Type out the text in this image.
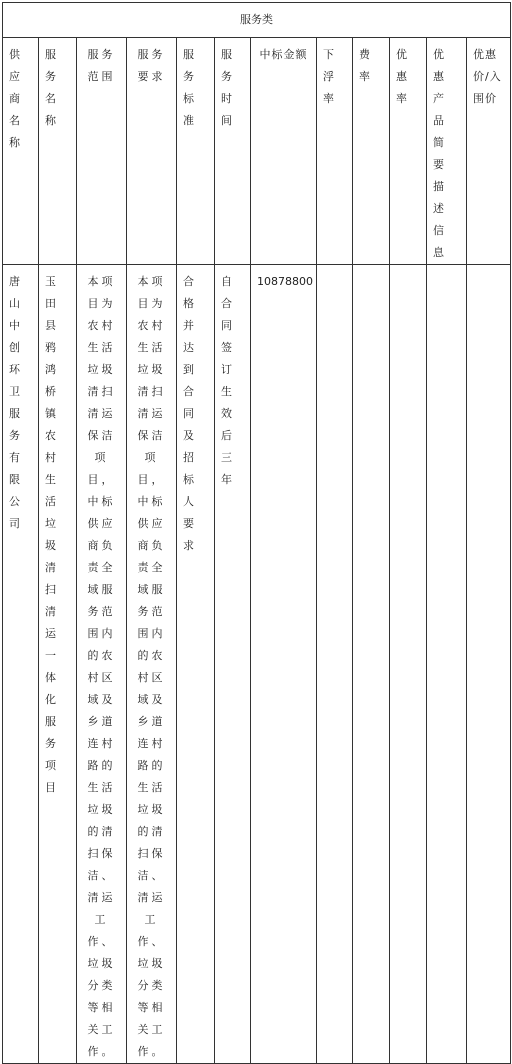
服务类											

供应商名称	服务名称	服务范围	服务要求	服务标准	服务时间	中标金额	下浮率	费率	优惠率	优惠产品简要描述信息	优惠价/入围价

唐山中创环卫服务有限公司	玉田县鸦鸿桥镇农村生活垃圾清扫清运一体化服务项目	本项目为农村生活垃圾清扫清运保洁项目，中标供应商负责全域服务范围内的农村区域及乡道连村路的生活垃圾的清扫保洁、清运工作、垃圾分类等相关工作。	本项目为农村生活垃圾清扫清运保洁项目，中标供应商负责全域服务范围内的农村区域及乡道连村路的生活垃圾的清扫保洁、清运工作、垃圾分类等相关工作。	合格并达到合同及招标人要求	自合同签订生效后三年	10878800					
